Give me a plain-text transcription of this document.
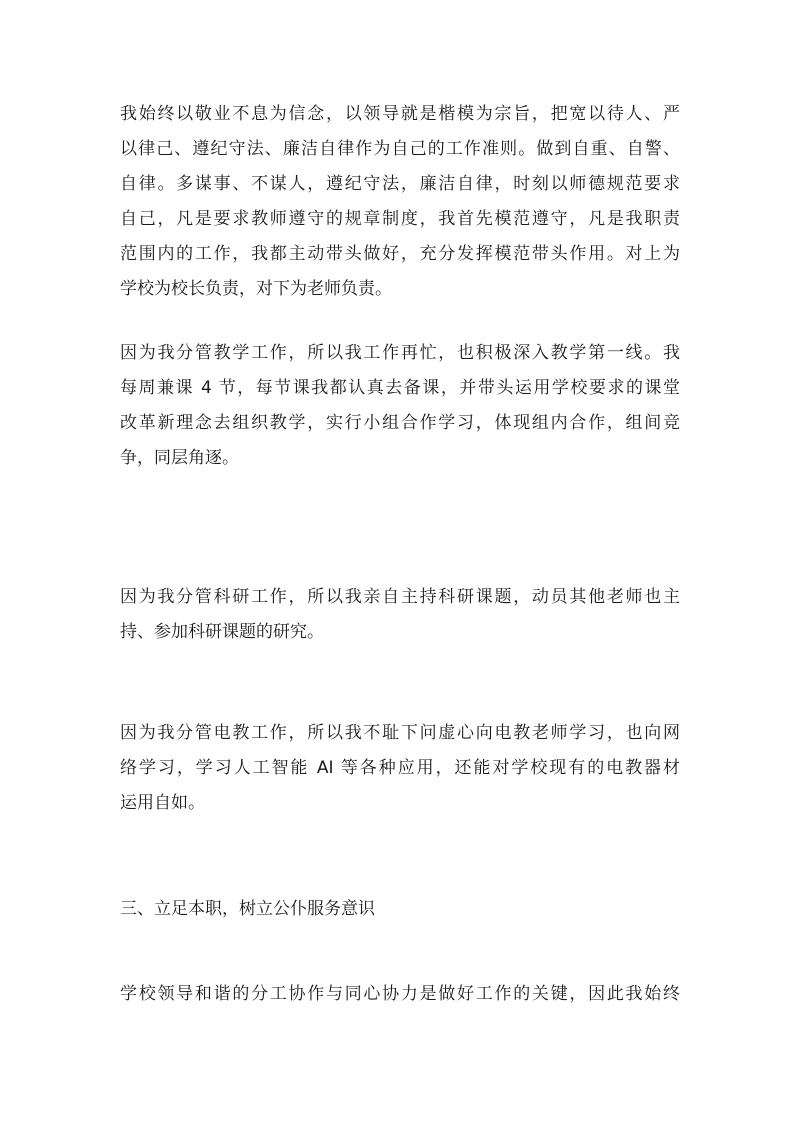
我始终以敬业不息为信念，以领导就是楷模为宗旨，把宽以待人、严
以律己、遵纪守法、廉洁自律作为自己的工作准则。做到自重、自警、
自律。多谋事、不谋人，遵纪守法，廉洁自律，时刻以师德规范要求
自己，凡是要求教师遵守的规章制度，我首先模范遵守，凡是我职责
范围内的工作，我都主动带头做好，充分发挥模范带头作用。对上为
学校为校长负责，对下为老师负责。
因为我分管教学工作，所以我工作再忙，也积极深入教学第一线。我
每周兼课 4 节，每节课我都认真去备课，并带头运用学校要求的课堂
改革新理念去组织教学，实行小组合作学习，体现组内合作，组间竞
争，同层角逐。
因为我分管科研工作，所以我亲自主持科研课题，动员其他老师也主
持、参加科研课题的研究。
因为我分管电教工作，所以我不耻下问虚心向电教老师学习，也向网
络学习，学习人工智能 AI 等各种应用，还能对学校现有的电教器材
运用自如。
三、立足本职，树立公仆服务意识
学校领导和谐的分工协作与同心协力是做好工作的关键，因此我始终
